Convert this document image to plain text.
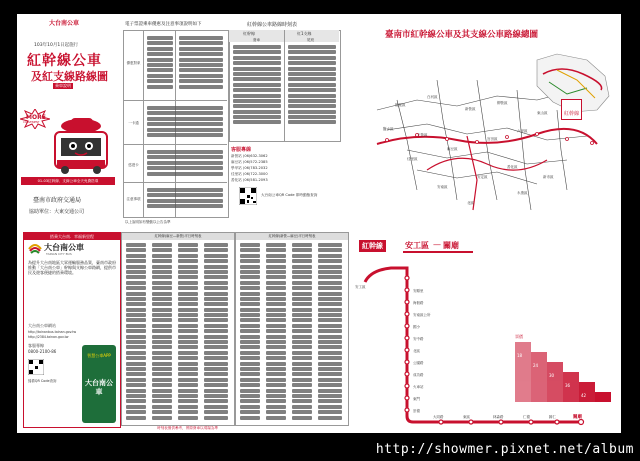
大台南公車
103年10月1日起施行
紅幹線公車
及紅支線路線圖
乘車說明
MORE
CONVENIENT
01-03紅幹線、支線公車全天免費搭乘
臺南市政府交通局
協助單位：大東交通公司
電子票證乘車優惠及注意事項說明如下
優惠對象
一卡通
悠遊卡
注意事項
以上說明如有變動以公告為準
紅幹線公車路線時刻表
紅幹線	紅1支線
發車	尾班
客服專線
新營站 (06)632-3062
麻豆站 (06)572-2385
學甲站 (06)783-2032
佳里站 (06)722-3000
善化站 (06)581-2093
大台南公車QR Code 即時動態查詢
臺南市紅幹線公車及其支線公車路線總圖
紅幹線
後壁區
白河區
新營區
柳營區
東山區
鹽水區
下營區
六甲區
官田區
麻豆區
佳里區
善化區
安定區	新市區
永康區
安南區
北區
搭乘大台南．幸福新里程
大台南公車
TAINAN CITY BUS
為提升大台南地區大眾運輸服務品質，臺南市政府推動「大台南公車」幹線與支線公車路網，提供市民及遊客便捷的搭乘環境。
大台南公車網站
http://tainanbus.tainan.gov.tw
http://2384.tainan.gov.tw
客服專線
0800-2100-86
掃描QR Code查詢
智慧公車APP
大台南公車
紅幹線(麻豆—新營)平日時刻表	紅幹線(新營—麻豆)平日時刻表
時刻表僅供參考，實際發車以現場為準
紅幹線	安工區 — 關廟
安工區
安順里
海佃路
安南區公所
國小
安中路
北區
公園路
成功路
火車站
東門
崇德
大同路	東區	林森路	仁德	歸仁	關廟
票價
18
24
30
36
42
48
http://showmer.pixnet.net/album
